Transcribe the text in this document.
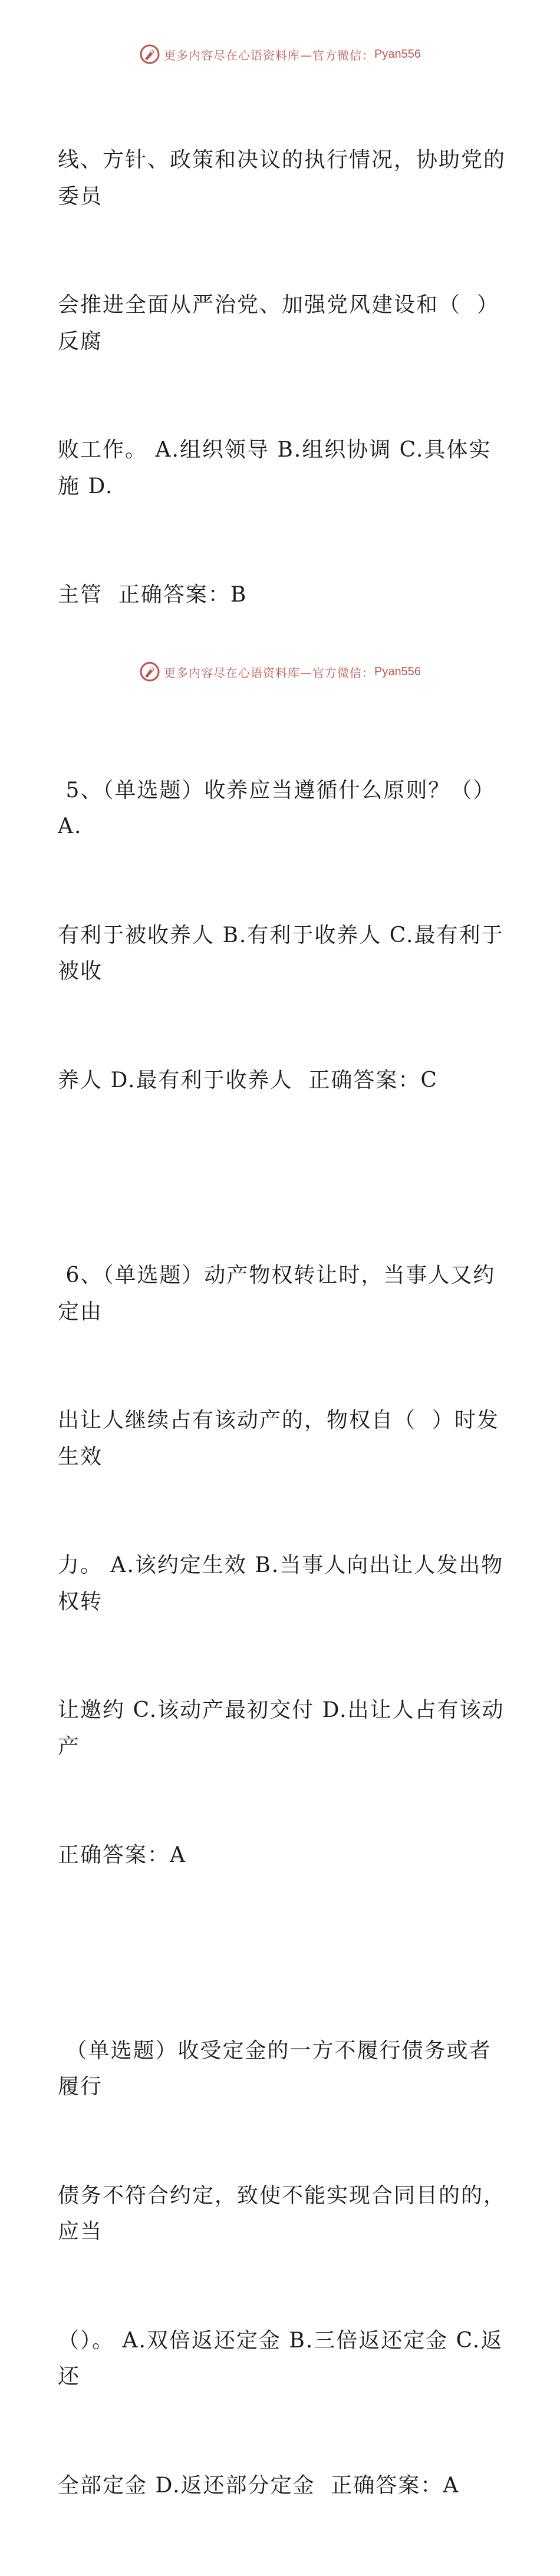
更多内容尽在心语资料库—官方微信： Pyan556

线、方针、政策和决议的执行情况，协助党的委员

会推进全面从严治党、加强党风建设和（  ）反腐

败工作。 A.组织领导 B.组织协调 C.具体实施 D.

主管  正确答案：B

5、（单选题）收养应当遵循什么原则？（）  A.

有利于被收养人 B.有利于收养人 C.最有利于被收

养人 D.最有利于收养人  正确答案：C

6、（单选题）动产物权转让时，当事人又约定由

出让人继续占有该动产的，物权自（  ）时发生效

力。 A.该约定生效 B.当事人向出让人发出物权转

让邀约 C.该动产最初交付 D.出让人占有该动产

正确答案：A

（单选题）收受定金的一方不履行债务或者履行

债务不符合约定，致使不能实现合同目的的，应当

（）。 A.双倍返还定金 B.三倍返还定金 C.返还

全部定金 D.返还部分定金  正确答案：A

更多内容尽在心语资料库—官方微信： Pyan556
